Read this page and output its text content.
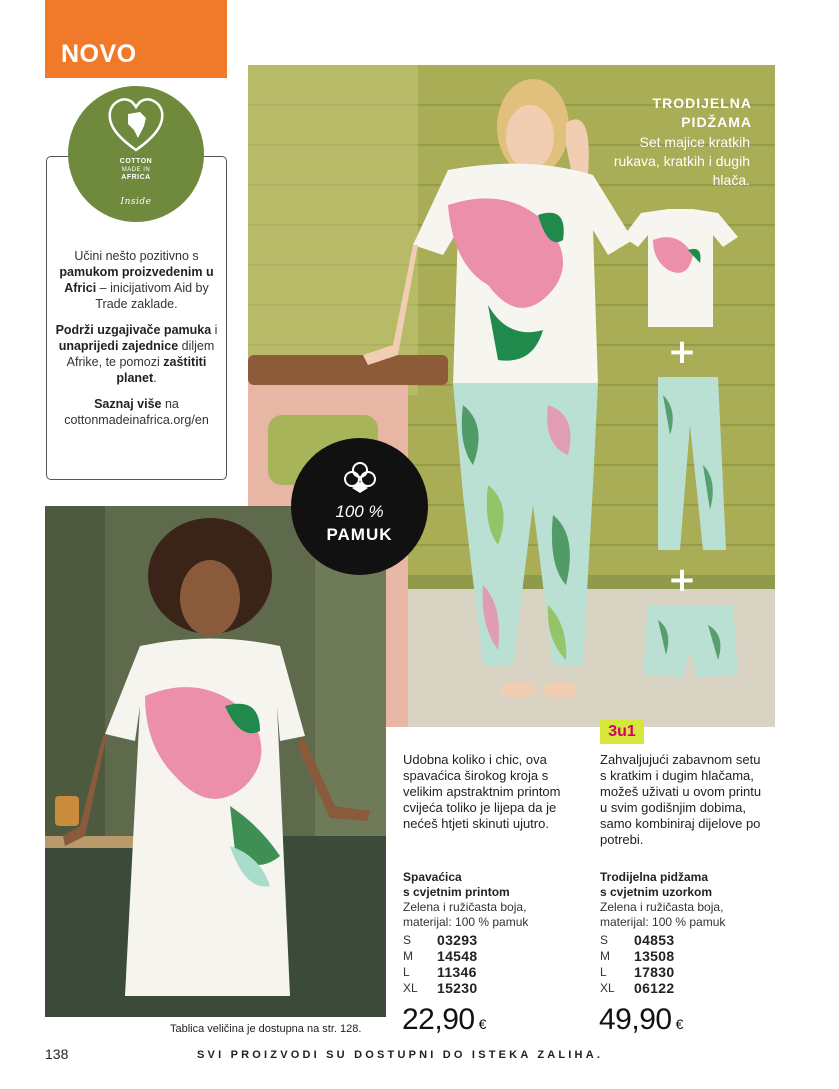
NOVO
+
+
TRODIJELNA
PIDŽAMA
Set majice kratkih rukava, kratkih i dugih hlača.
COTTON
MADE IN
AFRICA
Inside

Učini nešto pozitivno s pamukom proizvedenim u Africi – inicijativom Aid by Trade zaklade.

Podrži uzgajivače pamuka i unaprijedi zajednice diljem Afrike, te pomozi zaštititi planet.

Saznaj više na cottonmadeinafrica.org/en

100 %
PAMUK
3u1
Udobna koliko i chic, ova spavaćica širokog kroja s velikim apstraktnim printom cvijeća toliko je lijepa da je nećeš htjeti skinuti ujutro.
Spavaćica
s cvjetnim printom
Zelena i ružičasta boja,
materijal: 100 % pamuk
S 03293
M 14548
L 11346
XL 15230
22,90 €
Zahvaljujući zabavnom setu s kratkim i dugim hlačama, možeš uživati u ovom printu u svim godišnjim dobima, samo kombiniraj dijelove po potrebi.
Trodijelna pidžama
s cvjetnim uzorkom
Zelena i ružičasta boja,
materijal: 100 % pamuk
S 04853
M 13508
L 17830
XL 06122
49,90 €
Tablica veličina je dostupna na str. 128.
138	SVI PROIZVODI SU DOSTUPNI DO ISTEKA ZALIHA.
